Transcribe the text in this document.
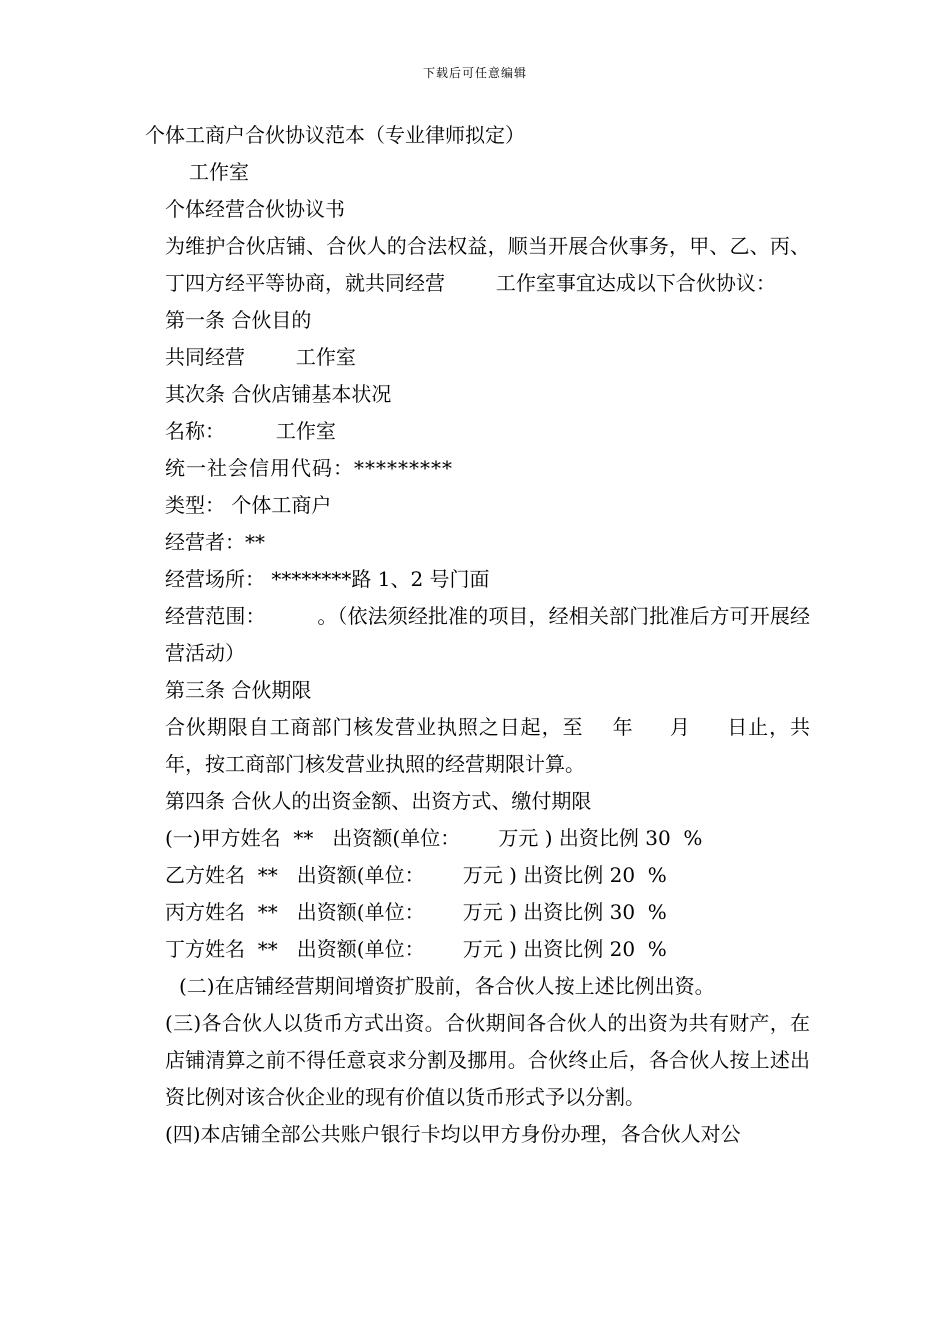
下载后可任意编辑
个体工商户合伙协议范本（专业律师拟定）
工作室
个体经营合伙协议书
为维护合伙店铺、合伙人的合法权益，顺当开展合伙事务，甲、乙、丙、丁四方经平等协商，就共同经营        工作室事宜达成以下合伙协议：
第一条 合伙目的
共同经营        工作室
其次条 合伙店铺基本状况
名称：        工作室
统一社会信用代码：*********
类型： 个体工商户
经营者：**
经营场所： ********路 1、2 号门面
经营范围：        。（依法须经批准的项目，经相关部门批准后方可开展经营活动）
第三条 合伙期限
合伙期限自工商部门核发营业执照之日起，至    年     月     日止，共      年，按工商部门核发营业执照的经营期限计算。
第四条 合伙人的出资金额、出资方式、缴付期限
(一)甲方姓名  **   出资额(单位：      万元 ) 出资比例 30  %
乙方姓名  **   出资额(单位：      万元 ) 出资比例 20  %
丙方姓名  **   出资额(单位：      万元 ) 出资比例 30  %
丁方姓名  **   出资额(单位：      万元 ) 出资比例 20  %
(二)在店铺经营期间增资扩股前，各合伙人按上述比例出资。
(三)各合伙人以货币方式出资。合伙期间各合伙人的出资为共有财产，在店铺清算之前不得任意哀求分割及挪用。合伙终止后，各合伙人按上述出资比例对该合伙企业的现有价值以货币形式予以分割。
(四)本店铺全部公共账户银行卡均以甲方身份办理，各合伙人对公
